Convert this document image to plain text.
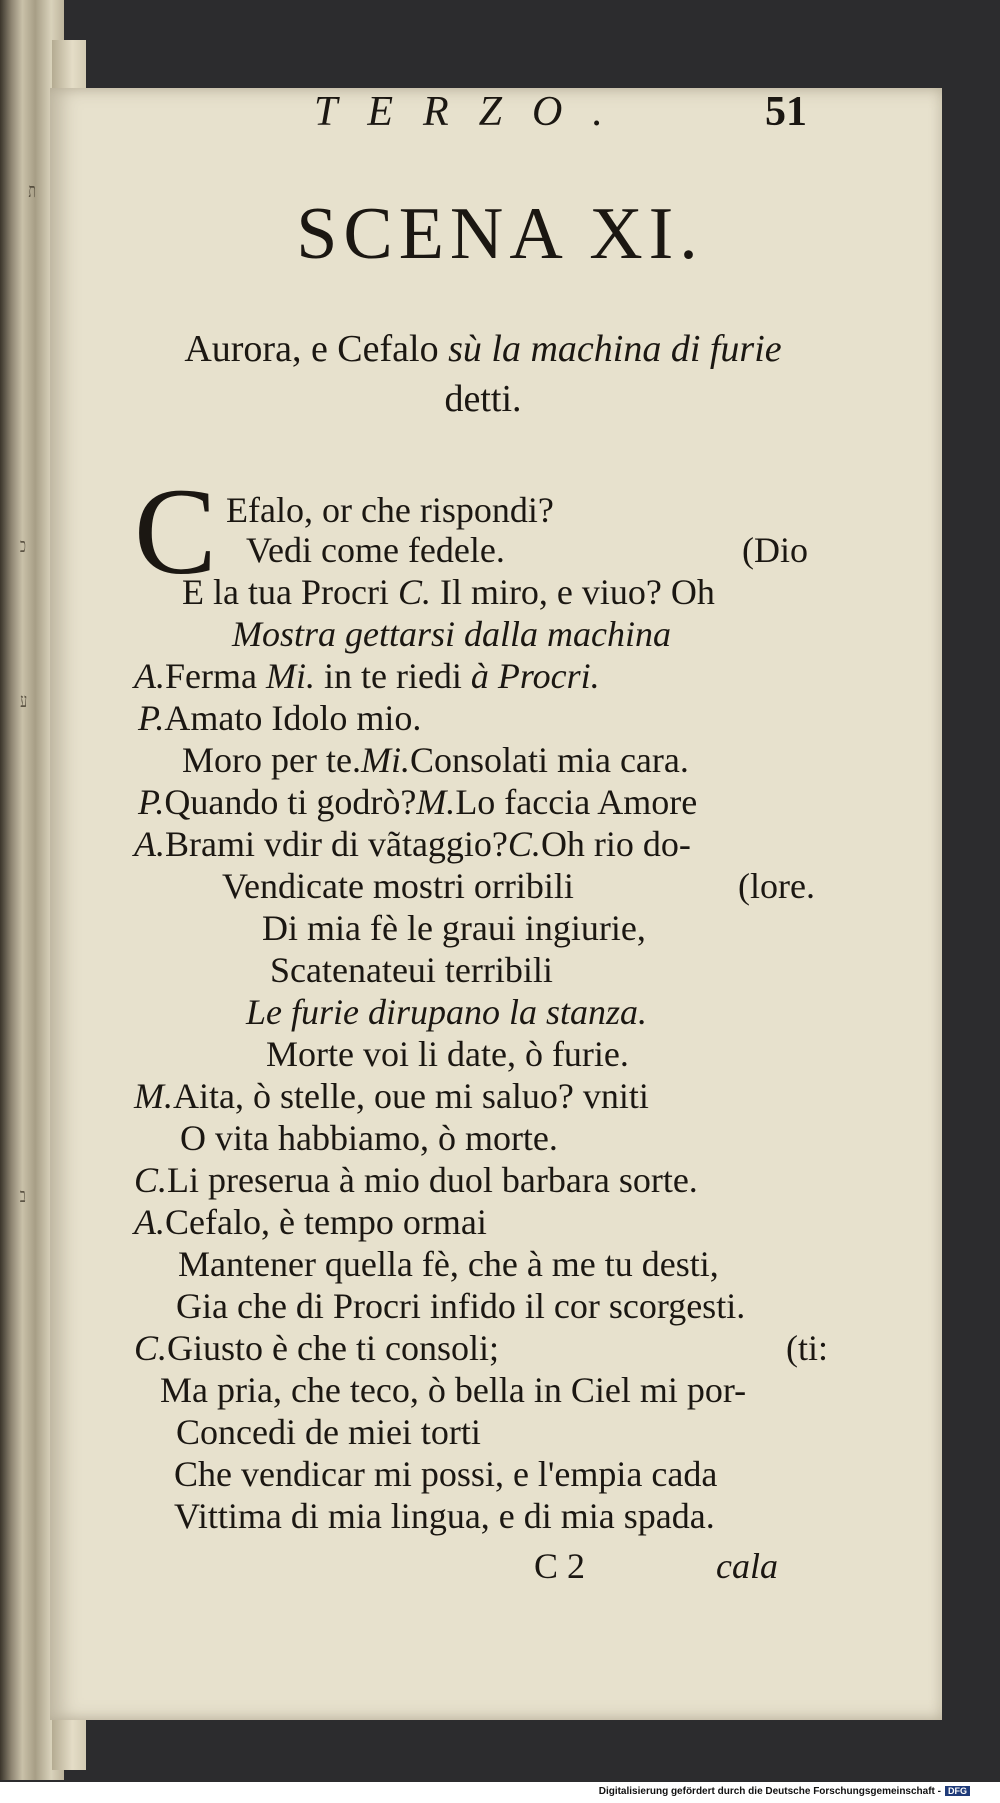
ת
כ
ע
ב
TERZO.	51
SCENA XI.
Aurora, e Cefalo sù la machina di furie
detti.
C Efalo, or che rispondi?
Vedi come fedele.	(Dio
E la tua Procri C. Il miro, e viuo? Oh
Mostra gettarsi dalla machina
A.Ferma Mi. in te riedi à Procri.
P.Amato Idolo mio.
Moro per te.Mi.Consolati mia cara.
P.Quando ti godrò?M.Lo faccia Amore
A.Brami vdir di vãtaggio?C.Oh rio do-
Vendicate mostri orribili	(lore.
Di mia fè le graui ingiurie,
Scatenateui terribili
Le furie dirupano la stanza.
Morte voi li date, ò furie.
M.Aita, ò stelle, oue mi saluo? vniti
O vita habbiamo, ò morte.
C.Li preserua à mio duol barbara sorte.
A.Cefalo, è tempo ormai
Mantener quella fè, che à me tu desti,
Gia che di Procri infido il cor scorgesti.
C.Giusto è che ti consoli;	(ti:
Ma pria, che teco, ò bella in Ciel mi por-
Concedi de miei torti
Che vendicar mi possi, e l'empia cada
Vittima di mia lingua, e di mia spada.
C 2	cala
Digitalisierung gefördert durch die Deutsche Forschungsgemeinschaft - DFG
